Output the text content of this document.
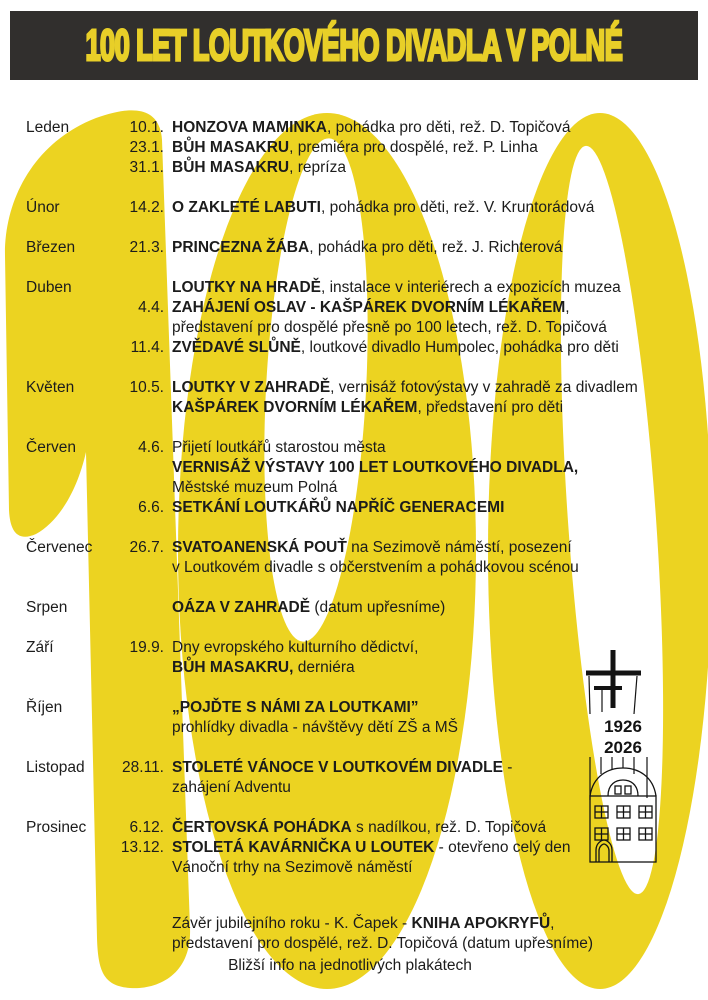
100 LET LOUTKOVÉHO DIVADLA V POLNÉ
1926
2026
Leden	10.1. HONZOVA MAMINKA, pohádka pro děti, rež. D. Topičová
23.1. BŮH MASAKRU, premiéra pro dospělé, rež. P. Linha
31.1. BŮH MASAKRU, repríza
Únor	14.2. O ZAKLETÉ LABUTI, pohádka pro děti, rež. V. Kruntorádová
Březen	21.3. PRINCEZNA ŽÁBA, pohádka pro děti, rež. J. Richterová
Duben	LOUTKY NA HRADĚ, instalace v interiérech a expozicích muzea
4.4. ZAHÁJENÍ OSLAV - KAŠPÁREK DVORNÍM LÉKAŘEM,
představení pro dospělé přesně po 100 letech, rež. D. Topičová
11.4. ZVĚDAVÉ SLŮNĚ, loutkové divadlo Humpolec, pohádka pro děti
Květen	10.5. LOUTKY V ZAHRADĚ, vernisáž fotovýstavy v zahradě za divadlem
KAŠPÁREK DVORNÍM LÉKAŘEM, představení pro děti
Červen	4.6. Přijetí loutkářů starostou města
VERNISÁŽ VÝSTAVY 100 LET LOUTKOVÉHO DIVADLA,
Městské muzeum Polná
6.6. SETKÁNÍ LOUTKÁŘŮ NAPŘÍČ GENERACEMI
Červenec	26.7. SVATOANENSKÁ POUŤ na Sezimově náměstí, posezení
v Loutkovém divadle s občerstvením a pohádkovou scénou
Srpen	OÁZA V ZAHRADĚ (datum upřesníme)
Září	19.9. Dny evropského kulturního dědictví,
BŮH MASAKRU, derniéra
Říjen	„POJĎTE S NÁMI ZA LOUTKAMI”
prohlídky divadla - návštěvy dětí ZŠ a MŠ
Listopad	28.11. STOLETÉ VÁNOCE V LOUTKOVÉM DIVADLE -
zahájení Adventu
Prosinec	6.12. ČERTOVSKÁ POHÁDKA s nadílkou, rež. D. Topičová
13.12. STOLETÁ KAVÁRNIČKA U LOUTEK - otevřeno celý den
Vánoční trhy na Sezimově náměstí
Závěr jubilejního roku - K. Čapek - KNIHA APOKRYFŮ,
představení pro dospělé, rež. D. Topičová (datum upřesníme)
Bližší info na jednotlivých plakátech
